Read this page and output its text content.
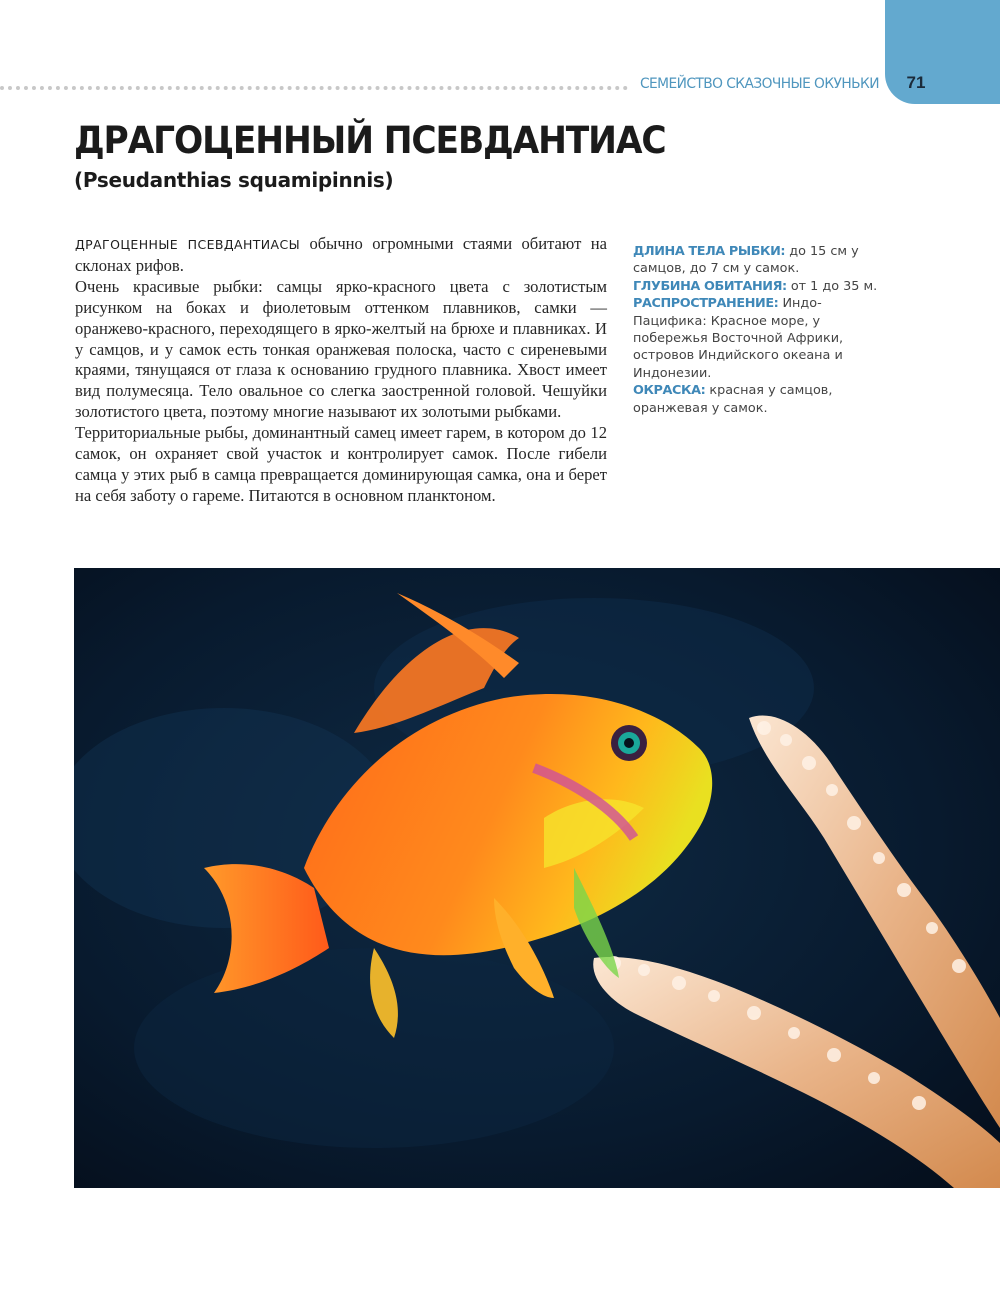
СЕМЕЙСТВО СКАЗОЧНЫЕ ОКУНЬКИ	71
ДРАГОЦЕННЫЙ ПСЕВДАНТИАС
(Pseudanthias squamipinnis)

ДРАГОЦЕННЫЕ ПСЕВДАНТИАСЫ обычно огромными стаями обитают на склонах рифов.

Очень красивые рыбки: самцы ярко-красного цвета с золотистым рисунком на боках и фиолетовым оттенком плавников, самки — оранжево-красного, переходящего в ярко-желтый на брюхе и плавниках. И у самцов, и у самок есть тонкая оранжевая полоска, часто с сиреневыми краями, тянущаяся от глаза к основанию грудного плавника. Хвост имеет вид полумесяца. Тело овальное со слегка заостренной головой. Чешуйки золотистого цвета, поэтому многие называют их золотыми рыбками.

Территориальные рыбы, доминантный самец имеет гарем, в котором до 12 самок, он охраняет свой участок и контролирует самок. После гибели самца у этих рыб в самца превращается доминирующая самка, она и берет на себя заботу о гареме. Питаются в основном планктоном.

ДЛИНА ТЕЛА РЫБКИ: до 15 см у самцов, до 7 см у самок.

ГЛУБИНА ОБИТАНИЯ: от 1 до 35 м.

РАСПРОСТРАНЕНИЕ: Индо-Пацифика: Красное море, у побережья Восточной Африки, островов Индийского океана и Индонезии.

ОКРАСКА: красная у самцов, оранжевая у самок.
